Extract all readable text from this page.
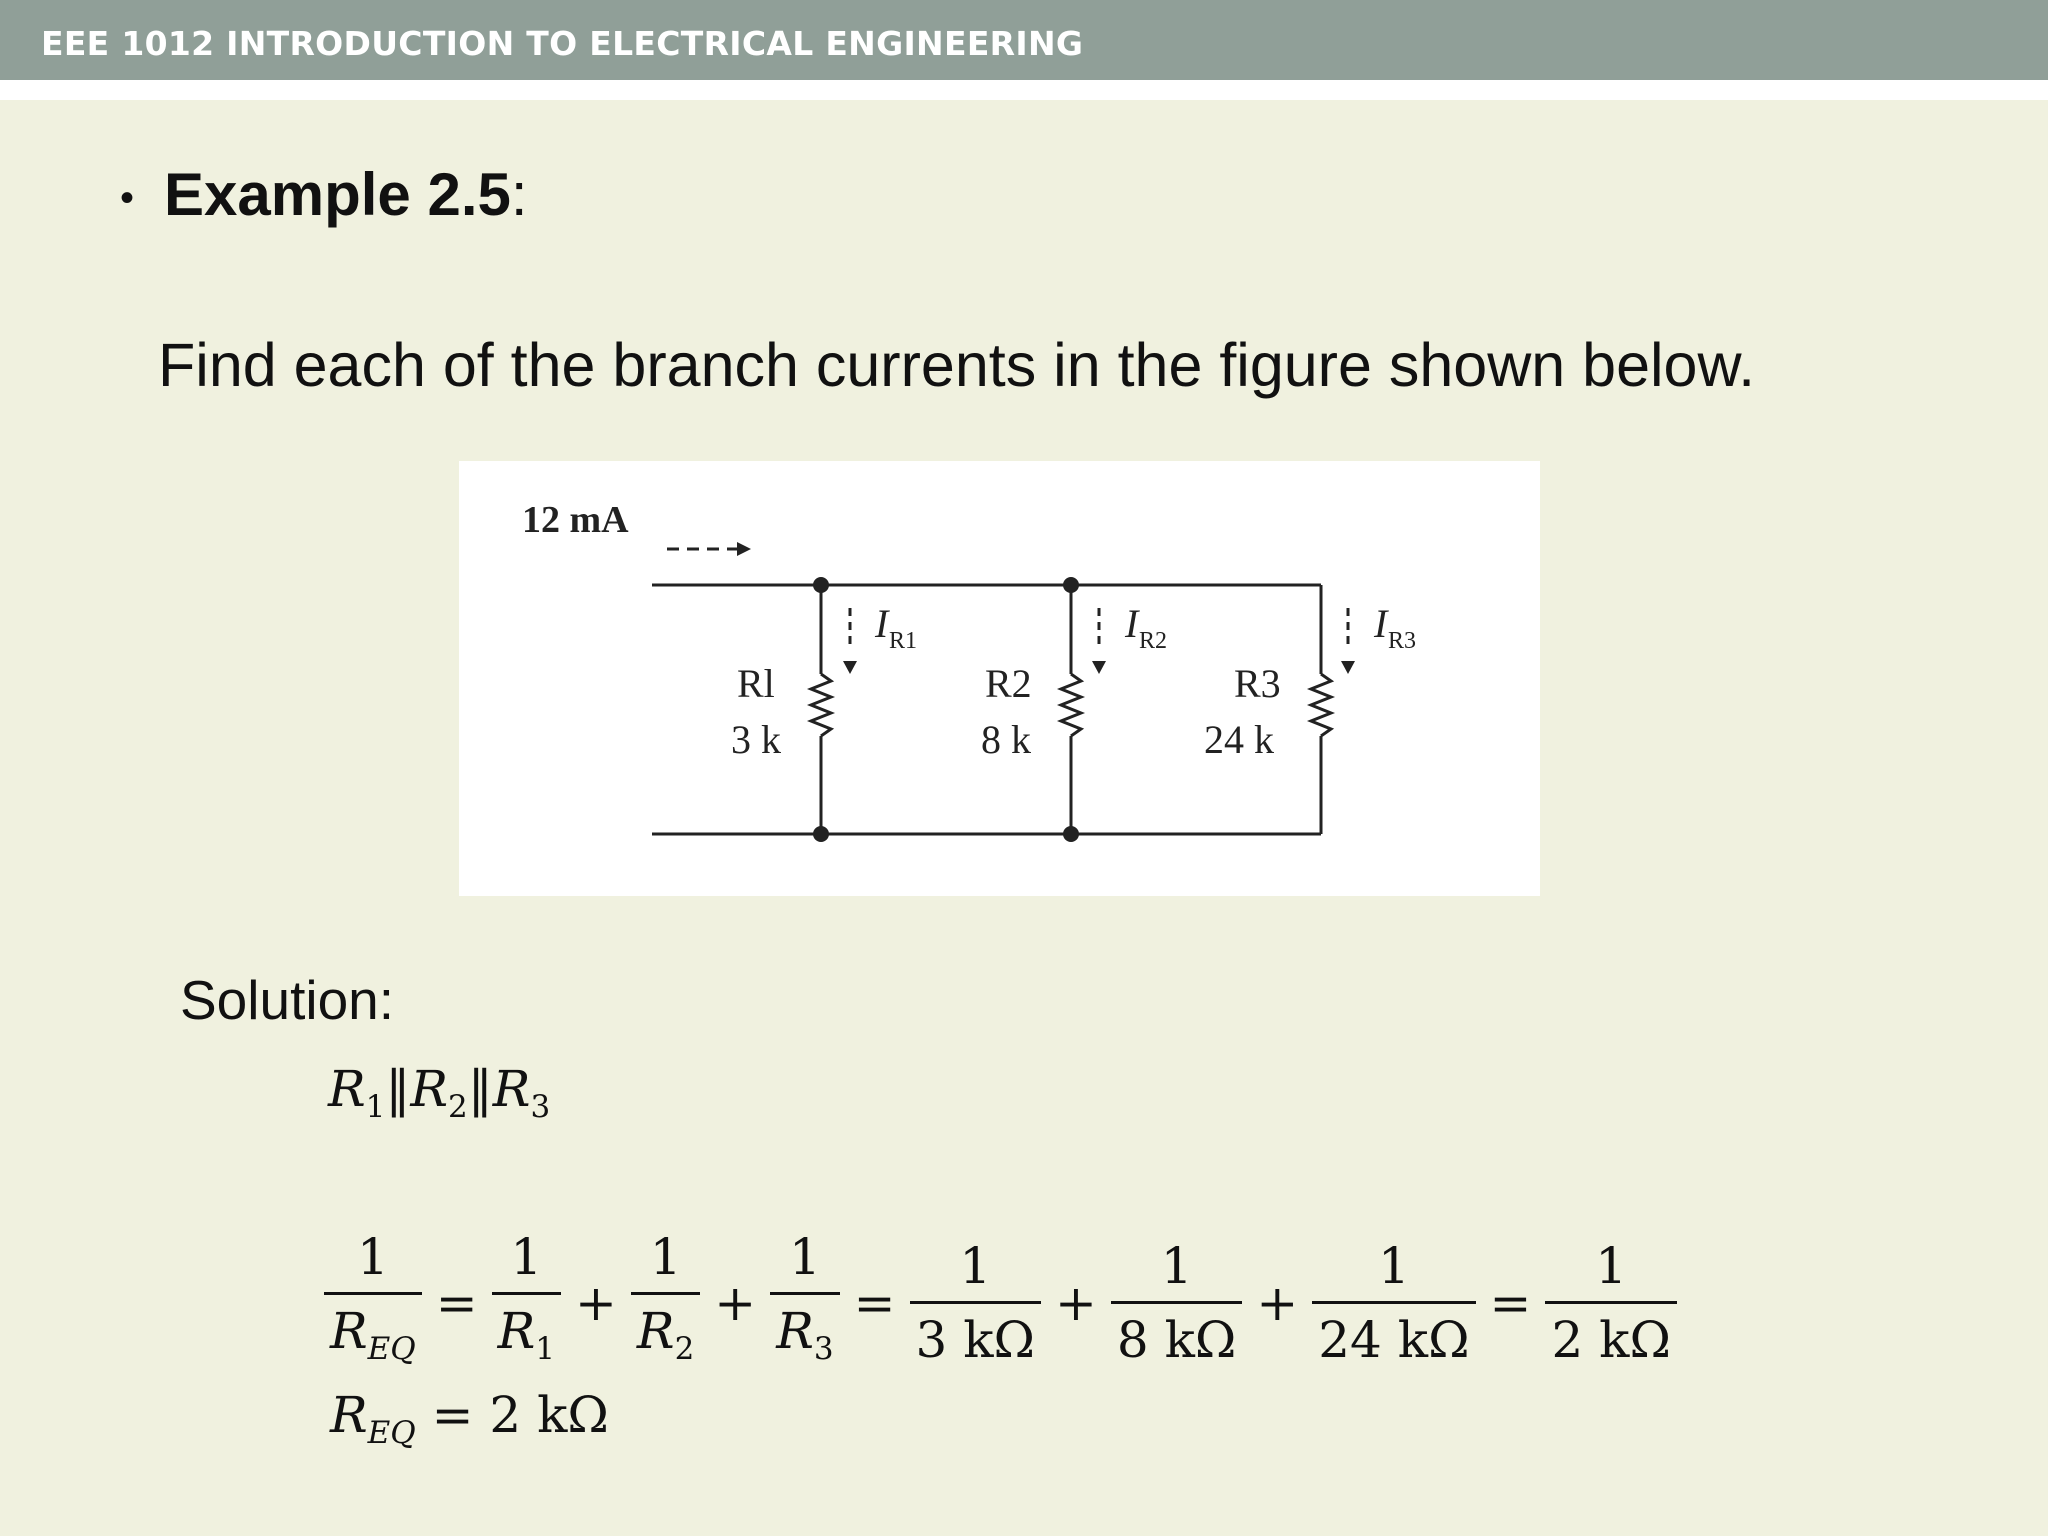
EEE 1012 INTRODUCTION TO ELECTRICAL ENGINEERING
• Example 2.5:
Find each of the branch currents in the figure shown below.
12 mA
I R1
Rl
3 k
I R2
R2
8 k
I R3
R3
24 k
Solution:
$R_1‖R_2‖R_3$
$\frac{1}{R_{EQ}} = \frac{1}{R_1} + \frac{1}{R_2} + \frac{1}{R_3} = \frac{1}{3 k\Omega} + \frac{1}{8 k\Omega} + \frac{1}{24 k\Omega} = \frac{1}{2 k\Omega}$
$R_{EQ} = 2$ kΩ
